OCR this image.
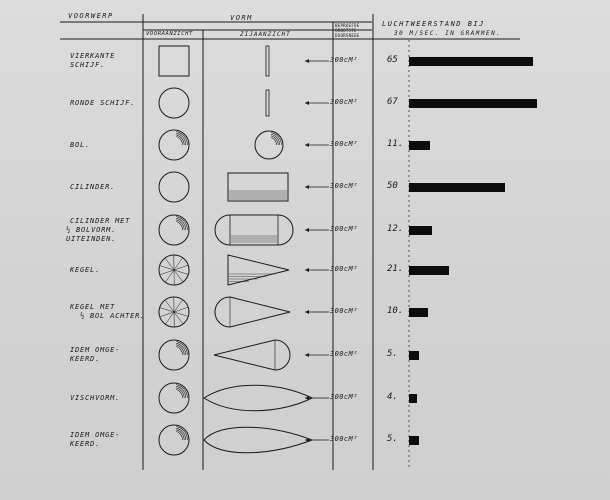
VOORWERP	VORM
VOORAANZICHT	ZIJAANZICHT
BEPROEFDE
GROOTSTE
DOORSNEDE
LUCHTWEERSTAND BIJ
30 M/SEC. IN GRAMMEN.
VIERKANTE
SCHIJF.
300cM²	65
RONDE SCHIJF.	300cM²	67
BOL.	300cM²	11.
CILINDER.	300cM²	50
CILINDER MET
½ BOLVORM.
UITEINDEN.
300cM²	12.
KEGEL.	300cM²	21.
KEGEL MET
½ BOL ACHTER.
300cM²	10.
IDEM OMGE-
KEERD.
300cM²	5.
VISCHVORM.	300cM²	4.
IDEM OMGE-
KEERD.
300cM²	5.
